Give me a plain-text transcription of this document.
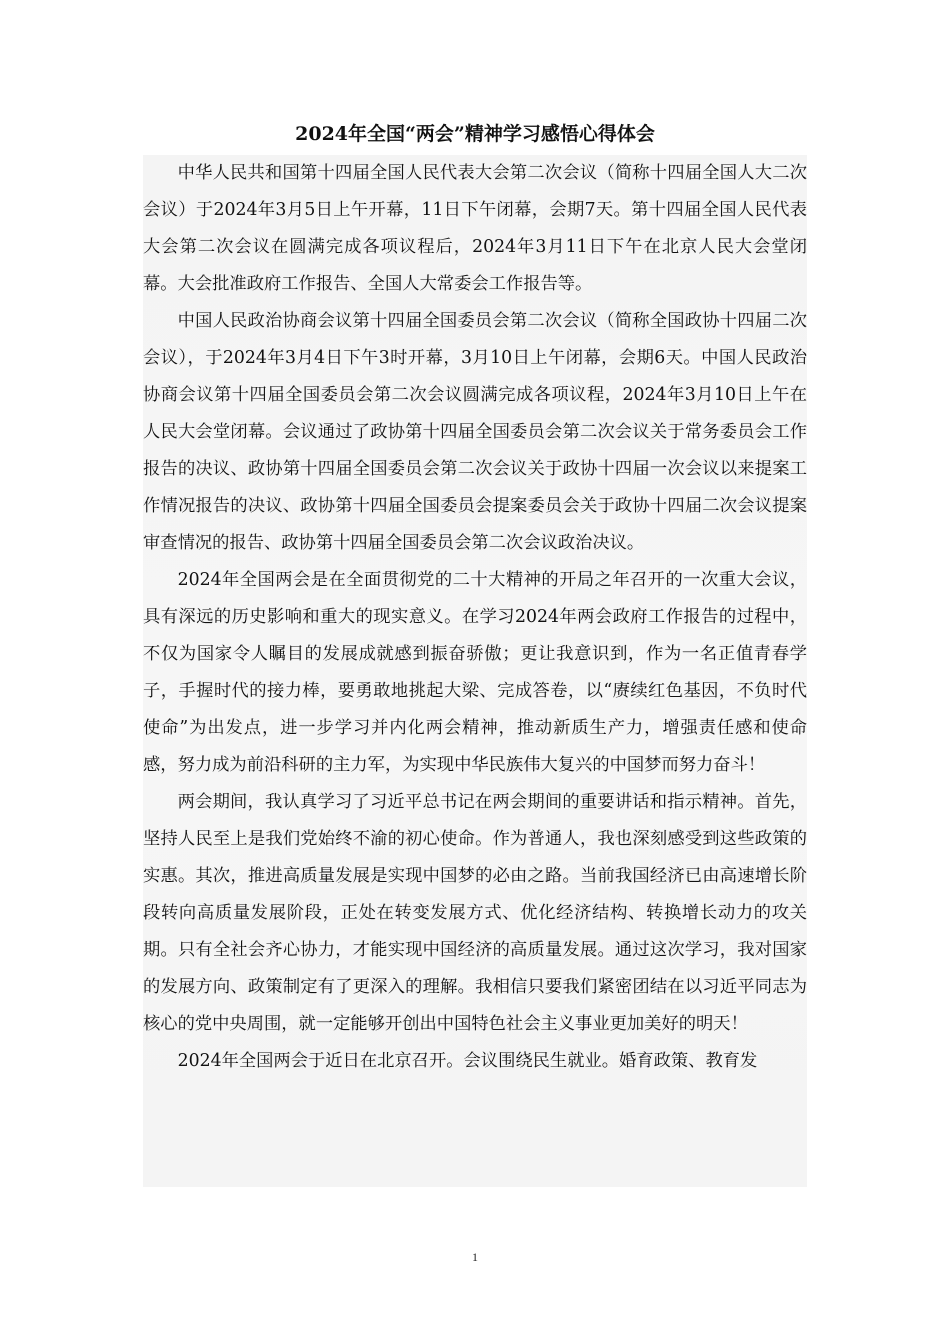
2024年全国“两会”精神学习感悟心得体会

中华人民共和国第十四届全国人民代表大会第二次会议（简称十四届全国人大二次会议）于2024年3月5日上午开幕，11日下午闭幕，会期7天。第十四届全国人民代表大会第二次会议在圆满完成各项议程后，2024年3月11日下午在北京人民大会堂闭幕。大会批准政府工作报告、全国人大常委会工作报告等。

中国人民政治协商会议第十四届全国委员会第二次会议（简称全国政协十四届二次会议），于2024年3月4日下午3时开幕，3月10日上午闭幕，会期6天。中国人民政治协商会议第十四届全国委员会第二次会议圆满完成各项议程，2024年3月10日上午在人民大会堂闭幕。会议通过了政协第十四届全国委员会第二次会议关于常务委员会工作报告的决议、政协第十四届全国委员会第二次会议关于政协十四届一次会议以来提案工作情况报告的决议、政协第十四届全国委员会提案委员会关于政协十四届二次会议提案审查情况的报告、政协第十四届全国委员会第二次会议政治决议。

2024年全国两会是在全面贯彻党的二十大精神的开局之年召开的一次重大会议，具有深远的历史影响和重大的现实意义。在学习2024年两会政府工作报告的过程中，不仅为国家令人瞩目的发展成就感到振奋骄傲；更让我意识到，作为一名正值青春学子，手握时代的接力棒，要勇敢地挑起大梁、完成答卷，以“赓续红色基因，不负时代使命”为出发点，进一步学习并内化两会精神，推动新质生产力，增强责任感和使命感，努力成为前沿科研的主力军，为实现中华民族伟大复兴的中国梦而努力奋斗！

两会期间，我认真学习了习近平总书记在两会期间的重要讲话和指示精神。首先，坚持人民至上是我们党始终不渝的初心使命。作为普通人，我也深刻感受到这些政策的实惠。其次，推进高质量发展是实现中国梦的必由之路。当前我国经济已由高速增长阶段转向高质量发展阶段，正处在转变发展方式、优化经济结构、转换增长动力的攻关期。只有全社会齐心协力，才能实现中国经济的高质量发展。通过这次学习，我对国家的发展方向、政策制定有了更深入的理解。我相信只要我们紧密团结在以习近平同志为核心的党中央周围，就一定能够开创出中国特色社会主义事业更加美好的明天！

2024年全国两会于近日在北京召开。会议围绕民生就业。婚育政策、教育发

1
